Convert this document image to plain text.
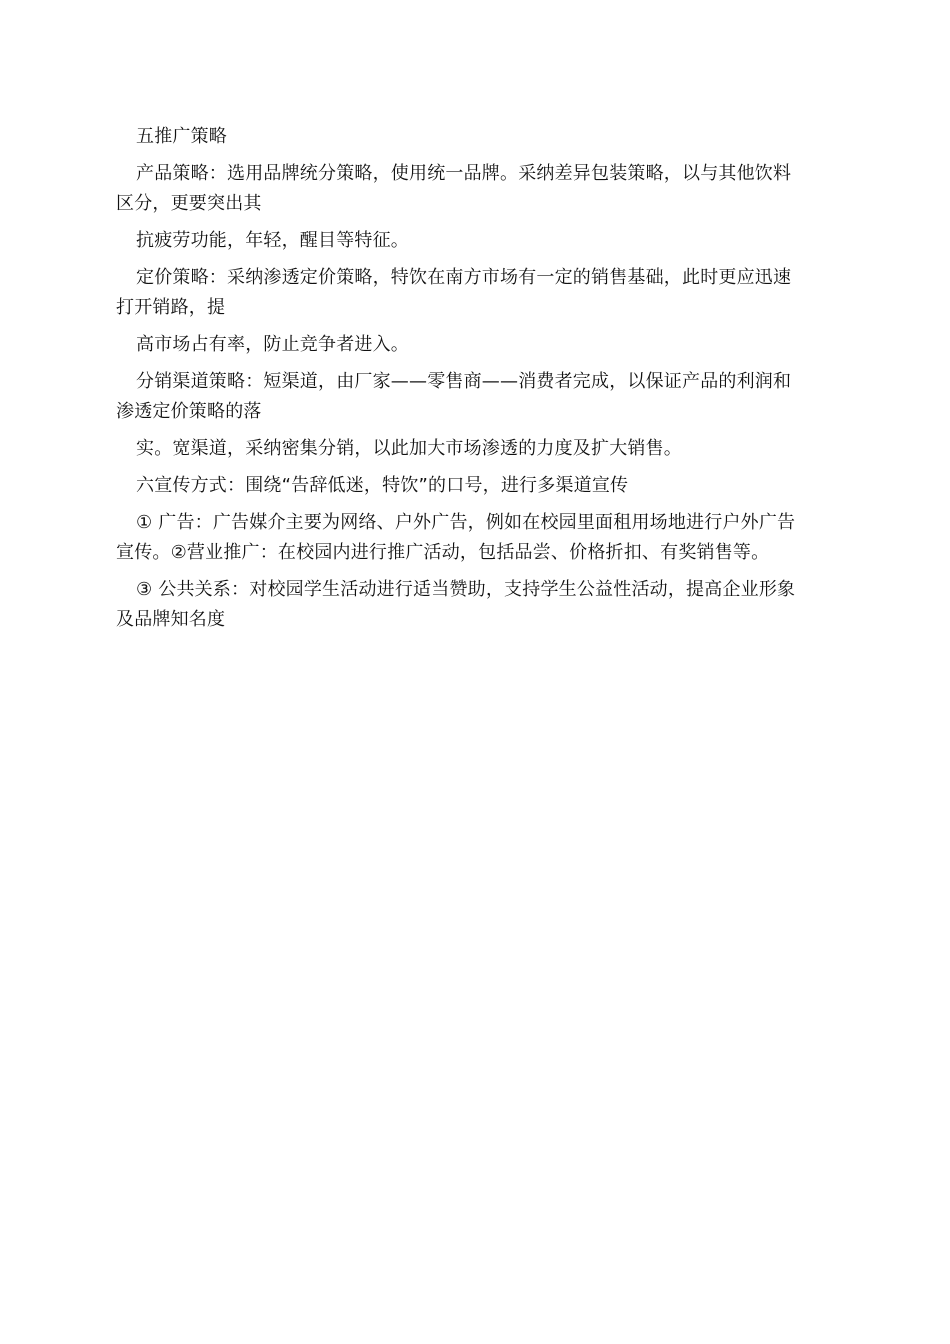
五推广策略
产品策略：选用品牌统分策略，使用统一品牌。采纳差异包装策略，以与其他饮料
区分，更要突出其
抗疲劳功能，年轻，醒目等特征。
定价策略：采纳渗透定价策略，特饮在南方市场有一定的销售基础，此时更应迅速
打开销路，提
高市场占有率，防止竞争者进入。
分销渠道策略：短渠道，由厂家——零售商——消费者完成，以保证产品的利润和
渗透定价策略的落
实。宽渠道，采纳密集分销，以此加大市场渗透的力度及扩大销售。
六宣传方式：围绕“告辞低迷，特饮”的口号，进行多渠道宣传
① 广告：广告媒介主要为网络、户外广告，例如在校园里面租用场地进行户外广告
宣传。②营业推广：在校园内进行推广活动，包括品尝、价格折扣、有奖销售等。
③ 公共关系：对校园学生活动进行适当赞助，支持学生公益性活动，提高企业形象
及品牌知名度
